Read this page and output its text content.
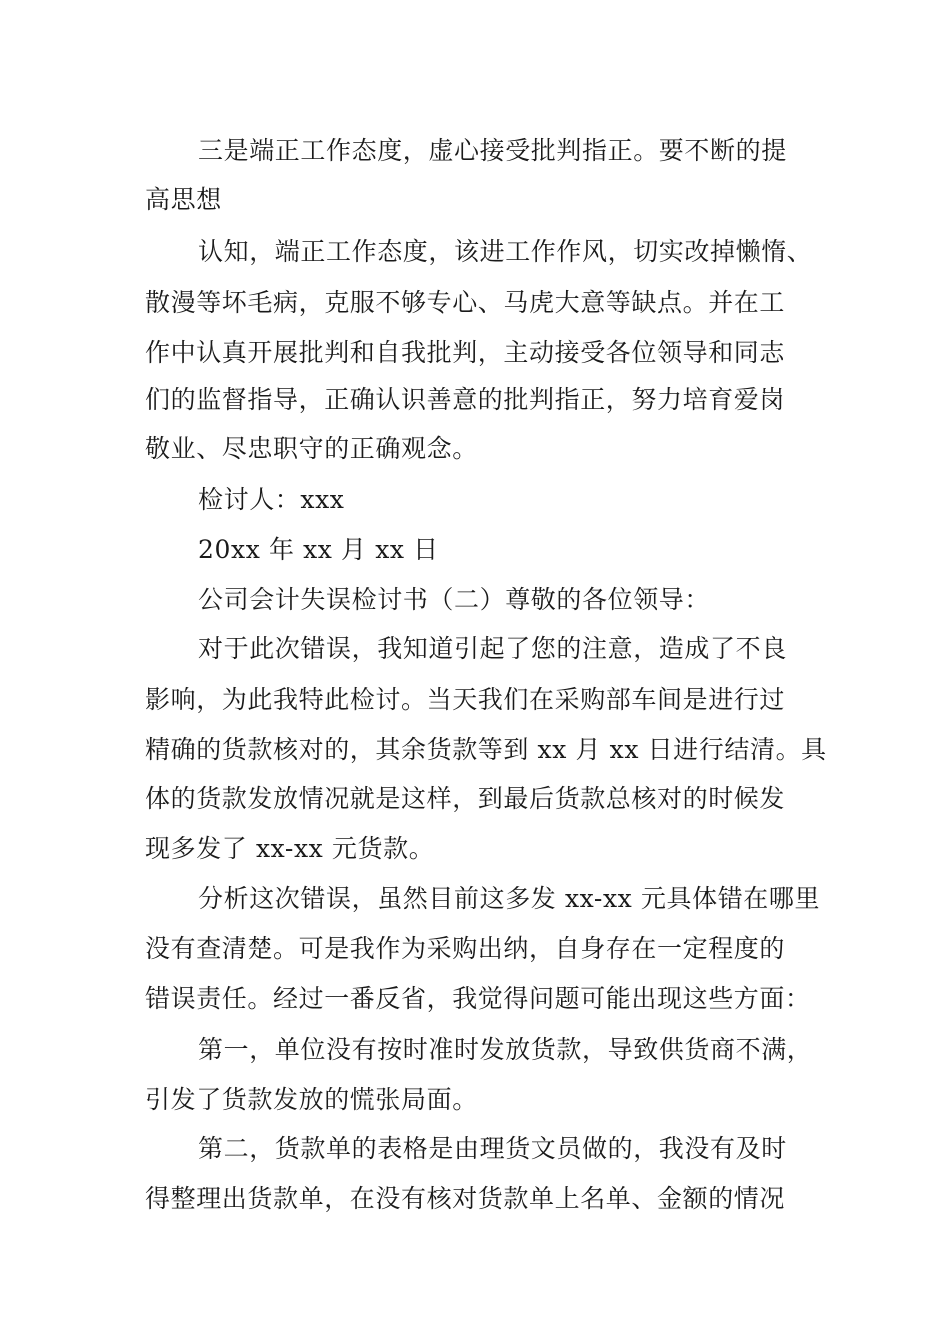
三是端正工作态度，虚心接受批判指正。要不断的提
高思想
认知，端正工作态度，该进工作作风，切实改掉懒惰、
散漫等坏毛病，克服不够专心、马虎大意等缺点。并在工
作中认真开展批判和自我批判，主动接受各位领导和同志
们的监督指导，正确认识善意的批判指正，努力培育爱岗
敬业、尽忠职守的正确观念。
检讨人：xxx
20xx 年 xx 月 xx 日
公司会计失误检讨书（二）尊敬的各位领导：
对于此次错误，我知道引起了您的注意，造成了不良
影响，为此我特此检讨。当天我们在采购部车间是进行过
精确的货款核对的，其余货款等到 xx 月 xx 日进行结清。具
体的货款发放情况就是这样，到最后货款总核对的时候发
现多发了 xx-xx 元货款。
分析这次错误，虽然目前这多发 xx-xx 元具体错在哪里
没有查清楚。可是我作为采购出纳，自身存在一定程度的
错误责任。经过一番反省，我觉得问题可能出现这些方面：
第一，单位没有按时准时发放货款，导致供货商不满，
引发了货款发放的慌张局面。
第二，货款单的表格是由理货文员做的，我没有及时
得整理出货款单，在没有核对货款单上名单、金额的情况
